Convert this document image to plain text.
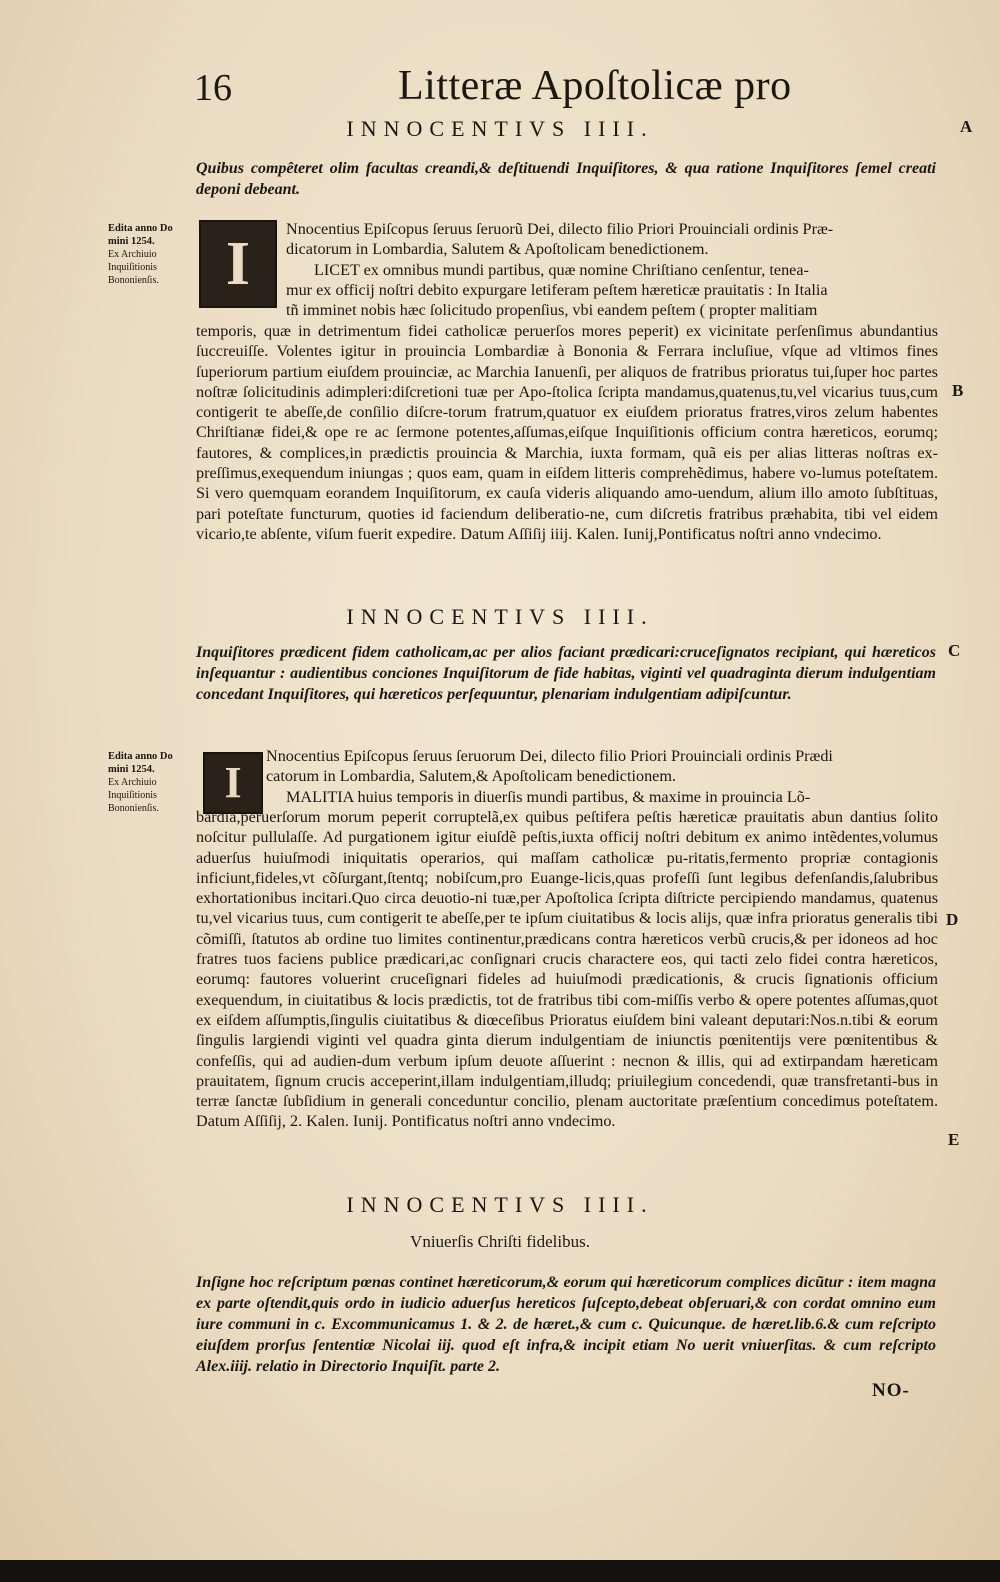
16	Litteræ Apoſtolicæ pro
A
B
C
D
E
INNOCENTIVS IIII.
Quibus compêteret olim facultas creandi,& deſtituendi Inquiſitores, & qua ratione Inquiſitores ſemel creati deponi debeant.
Edita anno Do mini 1254.
Ex Archiuio Inquiſitionis Bononienſis.	I
Nnocentius Epiſcopus ſeruus ſeruorũ Dei, dilecto filio Priori Prouinciali ordinis Præ-
dicatorum in Lombardia, Salutem & Apoſtolicam benedictionem.
LICET ex omnibus mundi partibus, quæ nomine Chriſtiano cenſentur, tenea-
mur ex officij noſtri debito expurgare letiferam peſtem hæreticæ prauitatis : In Italia
tñ imminet nobis hæc ſolicitudo propenſius, vbi eandem peſtem ( propter malitiam
temporis, quæ in detrimentum fidei catholicæ peruerſos mores peperit) ex vicinitate perſenſimus abundantius ſuccreuiſſe. Volentes igitur in prouincia Lombardiæ à Bononia & Ferrara incluſiue, vſque ad vltimos fines ſuperiorum partium eiuſdem prouinciæ, ac Marchia Ianuenſi, per aliquos de fratribus prioratus tui,ſuper hoc partes noſtræ ſolicitudinis adimpleri:diſcretioni tuæ per Apo-ſtolica ſcripta mandamus,quatenus,tu,vel vicarius tuus,cum contigerit te abeſſe,de conſilio diſcre-torum fratrum,quatuor ex eiuſdem prioratus fratres,viros zelum habentes Chriſtianæ fidei,& ope re ac ſermone potentes,aſſumas,eiſque Inquiſitionis officium contra hæreticos, eorumq; fautores, & complices,in prædictis prouincia & Marchia, iuxta formam, quã eis per alias litteras noſtras ex-preſſimus,exequendum iniungas ; quos eam, quam in eiſdem litteris comprehẽdimus, habere vo-lumus poteſtatem. Si vero quemquam eorandem Inquiſitorum, ex cauſa videris aliquando amo-uendum, alium illo amoto ſubſtituas, pari poteſtate functurum, quoties id faciendum deliberatio-ne, cum diſcretis fratribus præhabita, tibi vel eidem vicario,te abſente, viſum fuerit expedire. Datum Aſſiſij iiij. Kalen. Iunij,Pontificatus noſtri anno vndecimo.
INNOCENTIVS IIII.
Inquiſitores prædicent fidem catholicam,ac per alios faciant prædicari:cruceſignatos recipiant, qui hæreticos inſequantur : audientibus conciones Inquiſitorum de fide habitas, viginti vel quadraginta dierum indulgentiam concedant Inquiſitores, qui hæreticos perſequuntur, plenariam indulgentiam adipiſcuntur.
Edita anno Do mini 1254.
Ex Archiuio Inquiſitionis Bononienſis.
I
Nnocentius Epiſcopus ſeruus ſeruorum Dei, dilecto filio Priori Prouinciali ordinis Prædi
catorum in Lombardia, Salutem,& Apoſtolicam benedictionem.
MALITIA huius temporis in diuerſis mundi partibus, & maxime in prouincia Lõ-
bardia,peruerſorum morum peperit corruptelã,ex quibus peſtifera peſtis hæreticæ prauitatis abun dantius ſolito noſcitur pullulaſſe. Ad purgationem igitur eiuſdẽ peſtis,iuxta officij noſtri debitum ex animo intẽdentes,volumus aduerſus huiuſmodi iniquitatis operarios, qui maſſam catholicæ pu-ritatis,fermento propriæ contagionis inficiunt,fideles,vt cõſurgant,ſtentq; nobiſcum,pro Euange-licis,quas profeſſi ſunt legibus defenſandis,ſalubribus exhortationibus incitari.Quo circa deuotio-ni tuæ,per Apoſtolica ſcripta diſtricte percipiendo mandamus, quatenus tu,vel vicarius tuus, cum contigerit te abeſſe,per te ipſum ciuitatibus & locis alijs, quæ infra prioratus generalis tibi cõmiſſi, ſtatutos ab ordine tuo limites continentur,prædicans contra hæreticos verbũ crucis,& per idoneos ad hoc fratres tuos faciens publice prædicari,ac conſignari crucis charactere eos, qui tacti zelo fidei contra hæreticos, eorumq: fautores voluerint cruceſignari fideles ad huiuſmodi prædicationis, & crucis ſignationis officium exequendum, in ciuitatibus & locis prædictis, tot de fratribus tibi com-miſſis verbo & opere potentes aſſumas,quot ex eiſdem aſſumptis,ſingulis ciuitatibus & diœceſibus Prioratus eiuſdem bini valeant deputari:Nos.n.tibi & eorum ſingulis largiendi viginti vel quadra ginta dierum indulgentiam de iniunctis pœnitentijs vere pœnitentibus & confeſſis, qui ad audien-dum verbum ipſum deuote aſſuerint : necnon & illis, qui ad extirpandam hæreticam prauitatem, ſignum crucis acceperint,illam indulgentiam,illudq; priuilegium concedendi, quæ transfretanti-bus in terræ ſanctæ ſubſidium in generali conceduntur concilio, plenam auctoritate præſentium concedimus poteſtatem. Datum Aſſiſij, 2. Kalen. Iunij. Pontificatus noſtri anno vndecimo.
INNOCENTIVS IIII.
Vniuerſis Chriſti fidelibus.
Inſigne hoc reſcriptum pœnas continet hæreticorum,& eorum qui hæreticorum complices dicũtur : item magna ex parte oſtendit,quis ordo in iudicio aduerſus hereticos ſuſcepto,debeat obſeruari,& con cordat omnino eum iure communi in c. Excommunicamus 1. & 2. de hæret.,& cum c. Quicunque. de hæret.lib.6.& cum reſcripto eiuſdem prorſus ſententiæ Nicolai iij. quod eſt infra,& incipit etiam No uerit vniuerſitas. & cum reſcripto Alex.iiij. relatio in Directorio Inquiſit. parte 2.
NO-
